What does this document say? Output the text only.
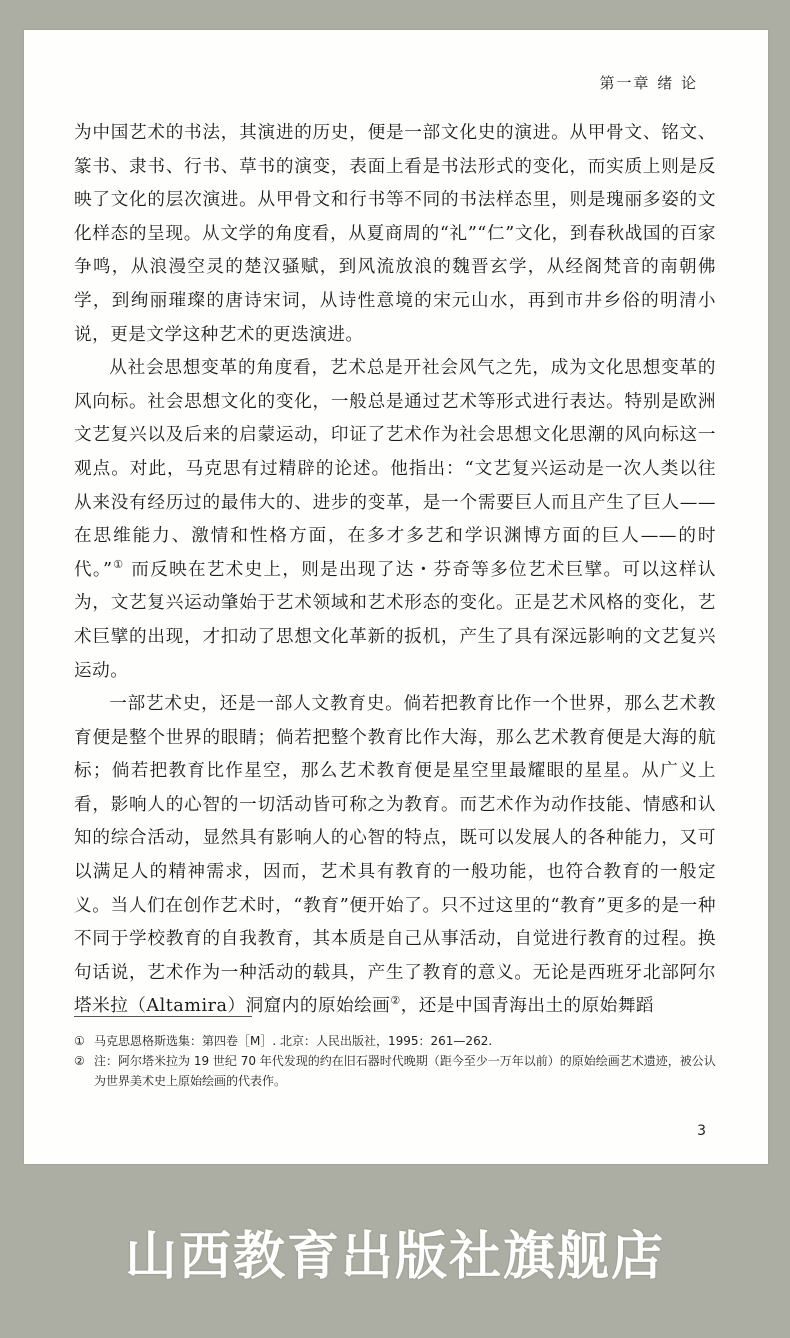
第一章 绪 论

为中国艺术的书法，其演进的历史，便是一部文化史的演进。从甲骨文、铭文、篆书、隶书、行书、草书的演变，表面上看是书法形式的变化，而实质上则是反映了文化的层次演进。从甲骨文和行书等不同的书法样态里，则是瑰丽多姿的文化样态的呈现。从文学的角度看，从夏商周的“礼”“仁”文化，到春秋战国的百家争鸣，从浪漫空灵的楚汉骚赋，到风流放浪的魏晋玄学，从经阁梵音的南朝佛学，到绚丽璀璨的唐诗宋词，从诗性意境的宋元山水，再到市井乡俗的明清小说，更是文学这种艺术的更迭演进。

从社会思想变革的角度看，艺术总是开社会风气之先，成为文化思想变革的风向标。社会思想文化的变化，一般总是通过艺术等形式进行表达。特别是欧洲文艺复兴以及后来的启蒙运动，印证了艺术作为社会思想文化思潮的风向标这一观点。对此，马克思有过精辟的论述。他指出：“文艺复兴运动是一次人类以往从来没有经历过的最伟大的、进步的变革，是一个需要巨人而且产生了巨人——在思维能力、激情和性格方面，在多才多艺和学识渊博方面的巨人——的时代。”① 而反映在艺术史上，则是出现了达・芬奇等多位艺术巨擘。可以这样认为，文艺复兴运动肇始于艺术领域和艺术形态的变化。正是艺术风格的变化，艺术巨擘的出现，才扣动了思想文化革新的扳机，产生了具有深远影响的文艺复兴运动。

一部艺术史，还是一部人文教育史。倘若把教育比作一个世界，那么艺术教育便是整个世界的眼睛；倘若把整个教育比作大海，那么艺术教育便是大海的航标；倘若把教育比作星空，那么艺术教育便是星空里最耀眼的星星。从广义上看，影响人的心智的一切活动皆可称之为教育。而艺术作为动作技能、情感和认知的综合活动，显然具有影响人的心智的特点，既可以发展人的各种能力，又可以满足人的精神需求，因而，艺术具有教育的一般功能，也符合教育的一般定义。当人们在创作艺术时，“教育”便开始了。只不过这里的“教育”更多的是一种不同于学校教育的自我教育，其本质是自己从事活动，自觉进行教育的过程。换句话说，艺术作为一种活动的载具，产生了教育的意义。无论是西班牙北部阿尔塔米拉（Altamira）洞窟内的原始绘画②，还是中国青海出土的原始舞蹈

① 马克思恩格斯选集：第四卷［M］. 北京：人民出版社，1995：261—262.
② 注：阿尔塔米拉为 19 世纪 70 年代发现的约在旧石器时代晚期（距今至少一万年以前）的原始绘画艺术遗迹，被公认为世界美术史上原始绘画的代表作。
3
山西教育出版社旗舰店
